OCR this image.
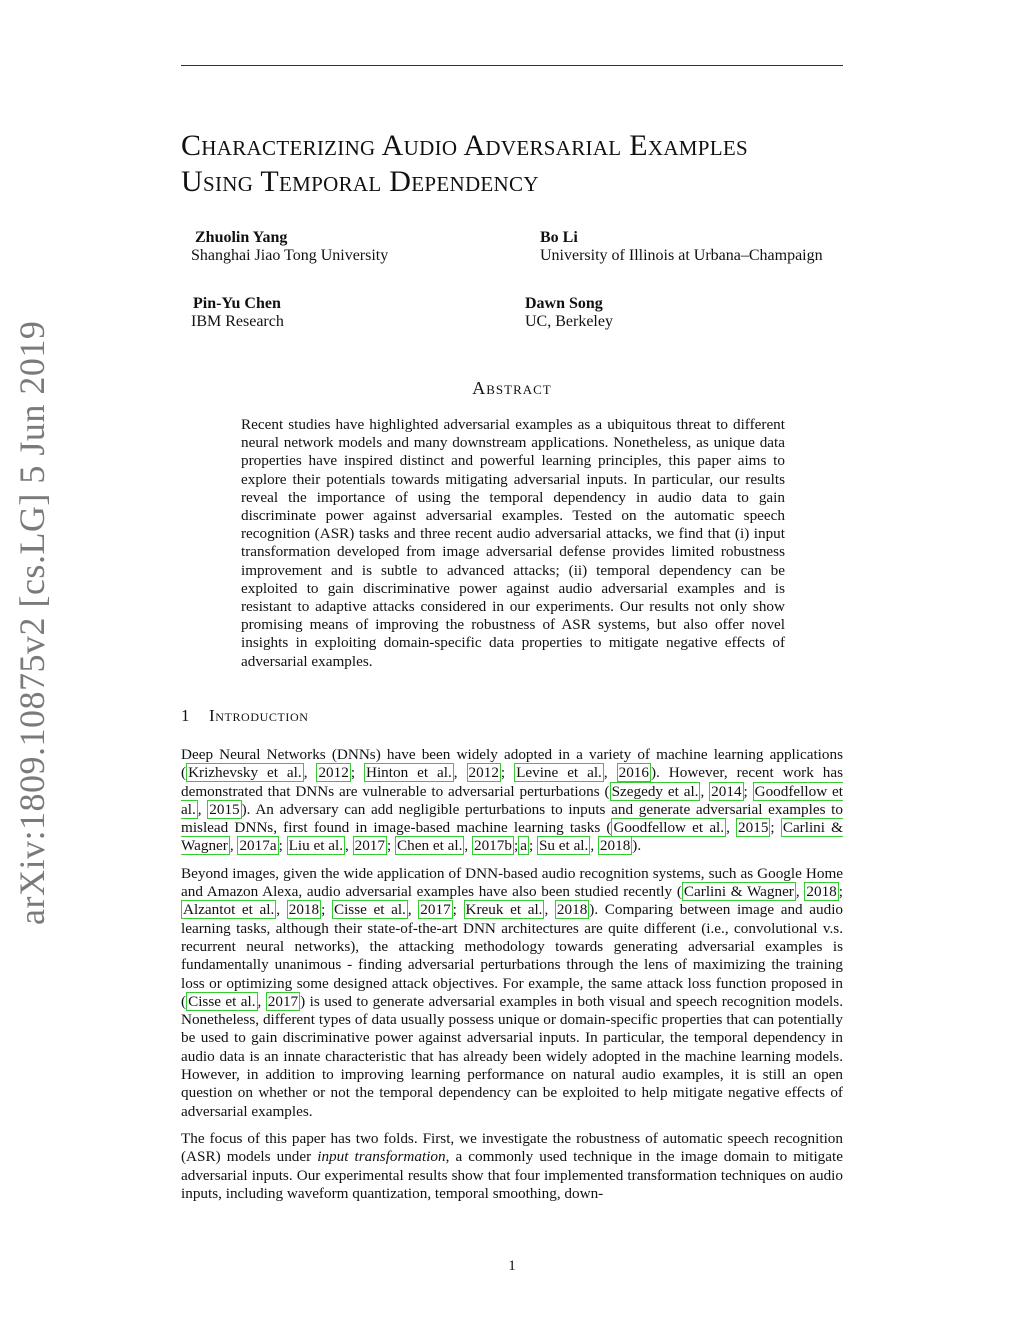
arXiv:1809.10875v2 [cs.LG] 5 Jun 2019
Characterizing Audio Adversarial Examples
Using Temporal Dependency
Zhuolin Yang
Shanghai Jiao Tong University
Bo Li
University of Illinois at Urbana–Champaign
Pin-Yu Chen
IBM Research
Dawn Song
UC, Berkeley
Abstract
Recent studies have highlighted adversarial examples as a ubiquitous threat to different neural network models and many downstream applications. Nonetheless, as unique data properties have inspired distinct and powerful learning principles, this paper aims to explore their potentials towards mitigating adversarial inputs. In particular, our results reveal the importance of using the temporal dependency in audio data to gain discriminate power against adversarial examples. Tested on the automatic speech recognition (ASR) tasks and three recent audio adversarial attacks, we find that (i) input transformation developed from image adversarial defense provides limited robustness improvement and is subtle to advanced attacks; (ii) temporal dependency can be exploited to gain discriminative power against audio adversarial examples and is resistant to adaptive attacks considered in our experiments. Our results not only show promising means of improving the robustness of ASR systems, but also offer novel insights in exploiting domain-specific data properties to mitigate negative effects of adversarial examples.
1 Introduction

Deep Neural Networks (DNNs) have been widely adopted in a variety of machine learning applications ( Krizhevsky et al. , 2012 ; Hinton et al. , 2012 ; Levine et al. , 2016 ). However, recent work has demonstrated that DNNs are vulnerable to adversarial perturbations ( Szegedy et al. , 2014 ; Goodfellow et al. , 2015 ). An adversary can add negligible perturbations to inputs and generate adversarial examples to mislead DNNs, first found in image-based machine learning tasks ( Goodfellow et al. , 2015 ; Carlini & Wagner , 2017a ; Liu et al. , 2017 ; Chen et al. , 2017b ; a ; Su et al. , 2018 ).

Beyond images, given the wide application of DNN-based audio recognition systems, such as Google Home and Amazon Alexa, audio adversarial examples have also been studied recently ( Carlini & Wagner , 2018 ; Alzantot et al. , 2018 ; Cisse et al. , 2017 ; Kreuk et al. , 2018 ). Comparing between image and audio learning tasks, although their state-of-the-art DNN architectures are quite different (i.e., convolutional v.s. recurrent neural networks), the attacking methodology towards generating adversarial examples is fundamentally unanimous - finding adversarial perturbations through the lens of maximizing the training loss or optimizing some designed attack objectives. For example, the same attack loss function proposed in ( Cisse et al. , 2017 ) is used to generate adversarial examples in both visual and speech recognition models. Nonetheless, different types of data usually possess unique or domain-specific properties that can potentially be used to gain discriminative power against adversarial inputs. In particular, the temporal dependency in audio data is an innate characteristic that has already been widely adopted in the machine learning models. However, in addition to improving learning performance on natural audio examples, it is still an open question on whether or not the temporal dependency can be exploited to help mitigate negative effects of adversarial examples.

The focus of this paper has two folds. First, we investigate the robustness of automatic speech recognition (ASR) models under input transformation, a commonly used technique in the image domain to mitigate adversarial inputs. Our experimental results show that four implemented transformation techniques on audio inputs, including waveform quantization, temporal smoothing, down-

1
